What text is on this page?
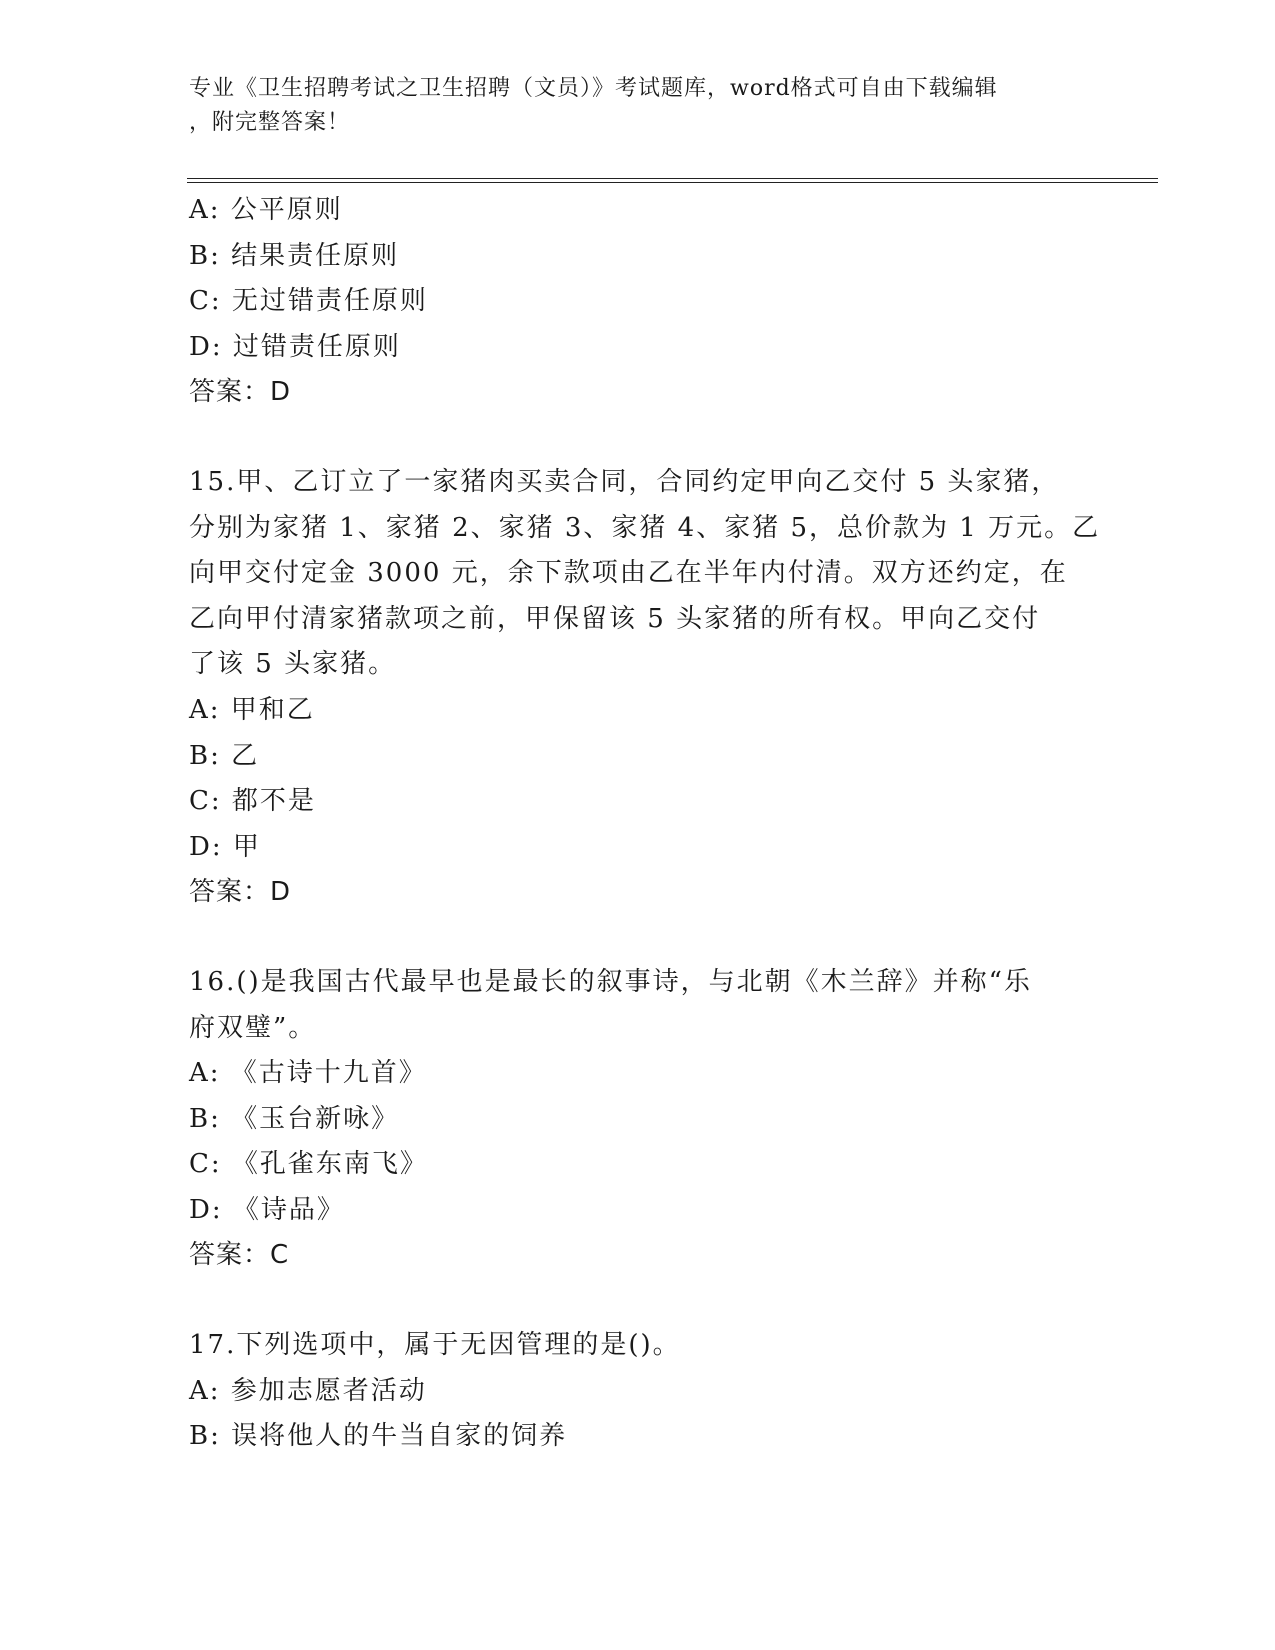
专业《卫生招聘考试之卫生招聘（文员）》考试题库，word格式可自由下载编辑
，附完整答案！
A: 公平原则
B: 结果责任原则
C: 无过错责任原则
D: 过错责任原则
答案：D
15.甲、乙订立了一家猪肉买卖合同，合同约定甲向乙交付 5 头家猪，
分别为家猪 1、家猪 2、家猪 3、家猪 4、家猪 5，总价款为 1 万元。乙
向甲交付定金 3000 元，余下款项由乙在半年内付清。双方还约定，在
乙向甲付清家猪款项之前，甲保留该 5 头家猪的所有权。甲向乙交付
了该 5 头家猪。
A: 甲和乙
B: 乙
C: 都不是
D: 甲
答案：D
16.()是我国古代最早也是最长的叙事诗，与北朝《木兰辞》并称“乐
府双璧”。
A: 《古诗十九首》
B: 《玉台新咏》
C: 《孔雀东南飞》
D: 《诗品》
答案：C
17.下列选项中，属于无因管理的是()。
A: 参加志愿者活动
B: 误将他人的牛当自家的饲养
